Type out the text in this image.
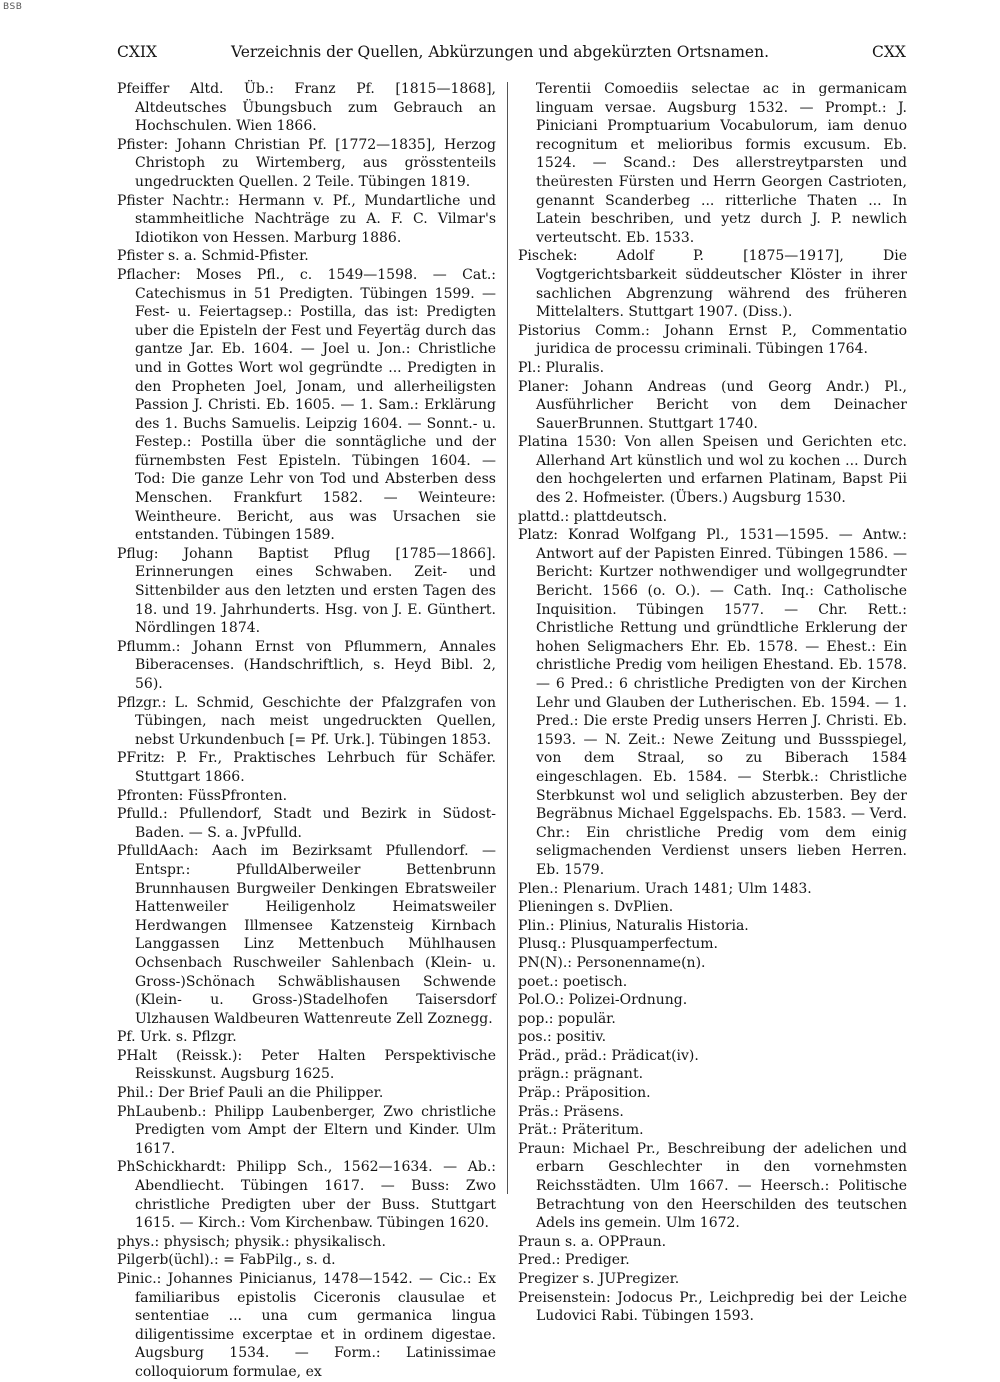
BSB
CXIX	Verzeichnis der Quellen, Abkürzungen und abgekürzten Ortsnamen.	CXX

Pfeiffer Altd. Üb.: Franz Pf. [1815—1868], Altdeutsches Übungsbuch zum Gebrauch an Hochschulen. Wien 1866.

Pfister: Johann Christian Pf. [1772—1835], Herzog Christoph zu Wirtemberg, aus grösstenteils ungedruckten Quellen. 2 Teile. Tübingen 1819.

Pfister Nachtr.: Hermann v. Pf., Mundartliche und stammheitliche Nachträge zu A. F. C. Vilmar's Idiotikon von Hessen. Marburg 1886.

Pfister s. a. Schmid-Pfister.

Pflacher: Moses Pfl., c. 1549—1598. — Cat.: Catechismus in 51 Predigten. Tübingen 1599. — Fest- u. Feiertagsep.: Postilla, das ist: Predigten uber die Episteln der Fest und Feyertäg durch das gantze Jar. Eb. 1604. — Joel u. Jon.: Christliche und in Gottes Wort wol gegründte ... Predigten in den Propheten Joel, Jonam, und allerheiligsten Passion J. Christi. Eb. 1605. — 1. Sam.: Erklärung des 1. Buchs Samuelis. Leipzig 1604. — Sonnt.- u. Festep.: Postilla über die sonntägliche und der fürnembsten Fest Episteln. Tübingen 1604. — Tod: Die ganze Lehr von Tod und Absterben dess Menschen. Frankfurt 1582. — Weinteure: Weintheure. Bericht, aus was Ursachen sie entstanden. Tübingen 1589.

Pflug: Johann Baptist Pflug [1785—1866]. Erinnerungen eines Schwaben. Zeit- und Sittenbilder aus den letzten und ersten Tagen des 18. und 19. Jahrhunderts. Hsg. von J. E. Günthert. Nördlingen 1874.

Pflumm.: Johann Ernst von Pflummern, Annales Biberacenses. (Handschriftlich, s. Heyd Bibl. 2, 56).

Pflzgr.: L. Schmid, Geschichte der Pfalzgrafen von Tübingen, nach meist ungedruckten Quellen, nebst Urkundenbuch [= Pf. Urk.]. Tübingen 1853.

PFritz: P. Fr., Praktisches Lehrbuch für Schäfer. Stuttgart 1866.

Pfronten: FüssPfronten.

Pfulld.: Pfullendorf, Stadt und Bezirk in Südost-Baden. — S. a. JvPfulld.

PfulldAach: Aach im Bezirksamt Pfullendorf. — Entspr.: PfulldAlberweiler Bettenbrunn Brunnhausen Burgweiler Denkingen Ebratsweiler Hattenweiler Heiligenholz Heimatsweiler Herdwangen Illmensee Katzensteig Kirnbach Langgassen Linz Mettenbuch Mühlhausen Ochsenbach Ruschweiler Sahlenbach (Klein- u. Gross-)Schönach Schwäblishausen Schwende (Klein- u. Gross-)Stadelhofen Taisersdorf Ulzhausen Waldbeuren Wattenreute Zell Zoznegg.

Pf. Urk. s. Pflzgr.

PHalt (Reissk.): Peter Halten Perspektivische Reisskunst. Augsburg 1625.

Phil.: Der Brief Pauli an die Philipper.

PhLaubenb.: Philipp Laubenberger, Zwo christliche Predigten vom Ampt der Eltern und Kinder. Ulm 1617.

PhSchickhardt: Philipp Sch., 1562—1634. — Ab.: Abendliecht. Tübingen 1617. — Buss: Zwo christliche Predigten uber der Buss. Stuttgart 1615. — Kirch.: Vom Kirchenbaw. Tübingen 1620.

phys.: physisch; physik.: physikalisch.

Pilgerb(üchl).: = FabPilg., s. d.

Pinic.: Johannes Pinicianus, 1478—1542. — Cic.: Ex familiaribus epistolis Ciceronis clausulae et sententiae ... una cum germanica lingua diligentissime excerptae et in ordinem digestae. Augsburg 1534. — Form.: Latinissimae colloquiorum formulae, ex

Terentii Comoediis selectae ac in germanicam linguam versae. Augsburg 1532. — Prompt.: J. Piniciani Promptuarium Vocabulorum, iam denuo recognitum et melioribus formis excusum. Eb. 1524. — Scand.: Des allerstreytparsten und theüresten Fürsten und Herrn Georgen Castrioten, genannt Scanderbeg ... ritterliche Thaten ... In Latein beschriben, und yetz durch J. P. newlich verteutscht. Eb. 1533.

Pischek: Adolf P. [1875—1917], Die Vogtgerichtsbarkeit süddeutscher Klöster in ihrer sachlichen Abgrenzung während des früheren Mittelalters. Stuttgart 1907. (Diss.).

Pistorius Comm.: Johann Ernst P., Commentatio juridica de processu criminali. Tübingen 1764.

Pl.: Pluralis.

Planer: Johann Andreas (und Georg Andr.) Pl., Ausführlicher Bericht von dem Deinacher SauerBrunnen. Stuttgart 1740.

Platina 1530: Von allen Speisen und Gerichten etc. Allerhand Art künstlich und wol zu kochen ... Durch den hochgelerten und erfarnen Platinam, Bapst Pii des 2. Hofmeister. (Übers.) Augsburg 1530.

plattd.: plattdeutsch.

Platz: Konrad Wolfgang Pl., 1531—1595. — Antw.: Antwort auf der Papisten Einred. Tübingen 1586. — Bericht: Kurtzer nothwendiger und wollgegrundter Bericht. 1566 (o. O.). — Cath. Inq.: Catholische Inquisition. Tübingen 1577. — Chr. Rett.: Christliche Rettung und gründtliche Erklerung der hohen Seligmachers Ehr. Eb. 1578. — Ehest.: Ein christliche Predig vom heiligen Ehestand. Eb. 1578. — 6 Pred.: 6 christliche Predigten von der Kirchen Lehr und Glauben der Lutherischen. Eb. 1594. — 1. Pred.: Die erste Predig unsers Herren J. Christi. Eb. 1593. — N. Zeit.: Newe Zeitung und Bussspiegel, von dem Straal, so zu Biberach 1584 eingeschlagen. Eb. 1584. — Sterbk.: Christliche Sterbkunst wol und seliglich abzusterben. Bey der Begräbnus Michael Eggelspachs. Eb. 1583. — Verd. Chr.: Ein christliche Predig vom dem einig seligmachenden Verdienst unsers lieben Herren. Eb. 1579.

Plen.: Plenarium. Urach 1481; Ulm 1483.

Plieningen s. DvPlien.

Plin.: Plinius, Naturalis Historia.

Plusq.: Plusquamperfectum.

PN(N).: Personenname(n).

poet.: poetisch.

Pol.O.: Polizei-Ordnung.

pop.: populär.

pos.: positiv.

Präd., präd.: Prädicat(iv).

prägn.: prägnant.

Präp.: Präposition.

Präs.: Präsens.

Prät.: Präteritum.

Praun: Michael Pr., Beschreibung der adelichen und erbarn Geschlechter in den vornehmsten Reichsstädten. Ulm 1667. — Heersch.: Politische Betrachtung von den Heerschilden des teutschen Adels ins gemein. Ulm 1672.

Praun s. a. OPPraun.

Pred.: Prediger.

Pregizer s. JUPregizer.

Preisenstein: Jodocus Pr., Leichpredig bei der Leiche Ludovici Rabi. Tübingen 1593.
